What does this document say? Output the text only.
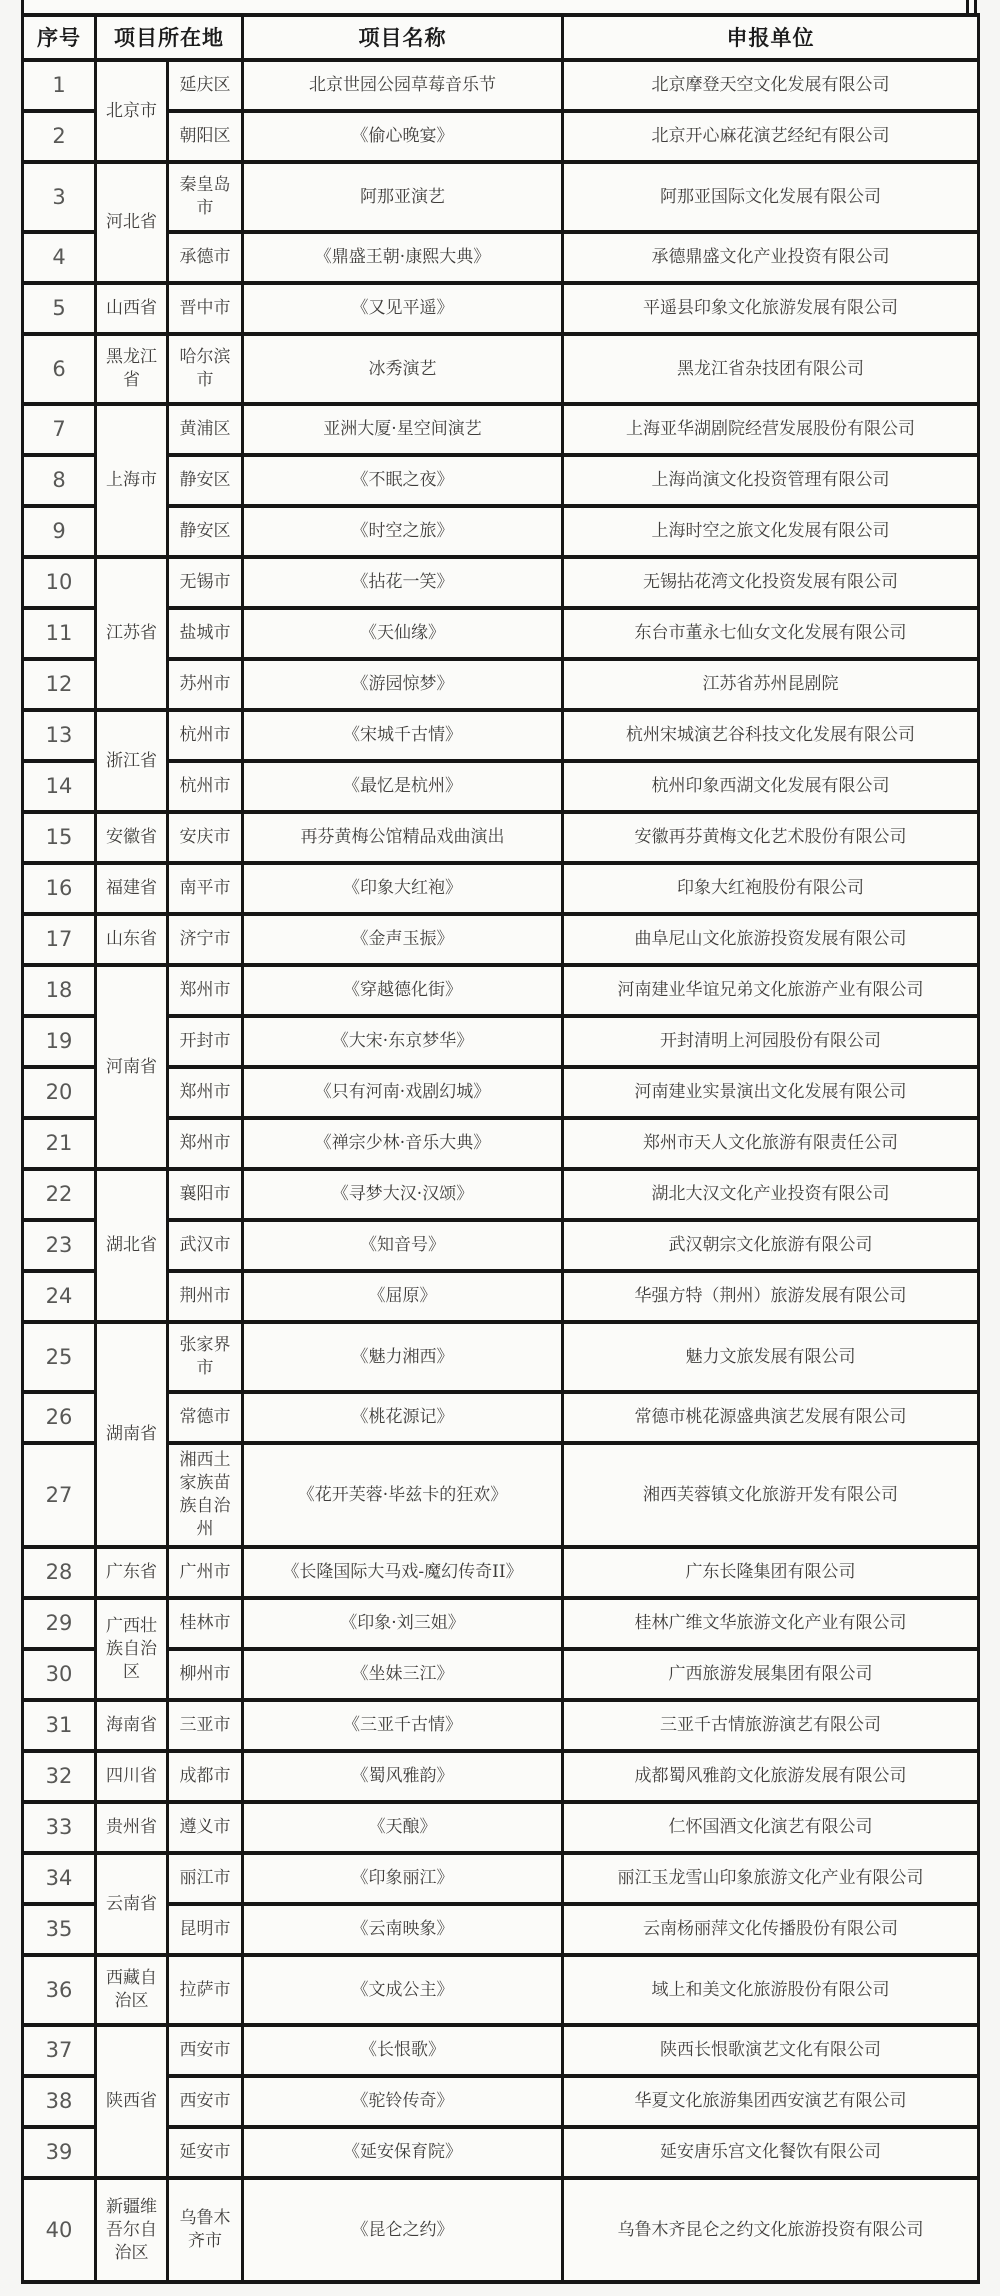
序号	项目所在地		项目名称	申报单位
1	北京市	延庆区	北京世园公园草莓音乐节	北京摩登天空文化发展有限公司
2		朝阳区	《偷心晚宴》	北京开心麻花演艺经纪有限公司
3	河北省	秦皇岛市	阿那亚演艺	阿那亚国际文化发展有限公司
4		承德市	《鼎盛王朝·康熙大典》	承德鼎盛文化产业投资有限公司
5	山西省	晋中市	《又见平遥》	平遥县印象文化旅游发展有限公司
6	黑龙江省	哈尔滨市	冰秀演艺	黑龙江省杂技团有限公司
7	上海市	黄浦区	亚洲大厦·星空间演艺	上海亚华湖剧院经营发展股份有限公司
8		静安区	《不眠之夜》	上海尚演文化投资管理有限公司
9		静安区	《时空之旅》	上海时空之旅文化发展有限公司
10	江苏省	无锡市	《拈花一笑》	无锡拈花湾文化投资发展有限公司
11		盐城市	《天仙缘》	东台市董永七仙女文化发展有限公司
12		苏州市	《游园惊梦》	江苏省苏州昆剧院
13	浙江省	杭州市	《宋城千古情》	杭州宋城演艺谷科技文化发展有限公司
14		杭州市	《最忆是杭州》	杭州印象西湖文化发展有限公司
15	安徽省	安庆市	再芬黄梅公馆精品戏曲演出	安徽再芬黄梅文化艺术股份有限公司
16	福建省	南平市	《印象大红袍》	印象大红袍股份有限公司
17	山东省	济宁市	《金声玉振》	曲阜尼山文化旅游投资发展有限公司
18	河南省	郑州市	《穿越德化街》	河南建业华谊兄弟文化旅游产业有限公司
19		开封市	《大宋·东京梦华》	开封清明上河园股份有限公司
20		郑州市	《只有河南·戏剧幻城》	河南建业实景演出文化发展有限公司
21		郑州市	《禅宗少林·音乐大典》	郑州市天人文化旅游有限责任公司
22	湖北省	襄阳市	《寻梦大汉·汉颂》	湖北大汉文化产业投资有限公司
23		武汉市	《知音号》	武汉朝宗文化旅游有限公司
24		荆州市	《屈原》	华强方特（荆州）旅游发展有限公司
25	湖南省	张家界市	《魅力湘西》	魅力文旅发展有限公司
26		常德市	《桃花源记》	常德市桃花源盛典演艺发展有限公司
27		湘西土家族苗族自治州	《花开芙蓉·毕兹卡的狂欢》	湘西芙蓉镇文化旅游开发有限公司
28	广东省	广州市	《长隆国际大马戏-魔幻传奇II》	广东长隆集团有限公司
29	广西壮族自治区	桂林市	《印象·刘三姐》	桂林广维文华旅游文化产业有限公司
30		柳州市	《坐妹三江》	广西旅游发展集团有限公司
31	海南省	三亚市	《三亚千古情》	三亚千古情旅游演艺有限公司
32	四川省	成都市	《蜀风雅韵》	成都蜀风雅韵文化旅游发展有限公司
33	贵州省	遵义市	《天酿》	仁怀国酒文化演艺有限公司
34	云南省	丽江市	《印象丽江》	丽江玉龙雪山印象旅游文化产业有限公司
35		昆明市	《云南映象》	云南杨丽萍文化传播股份有限公司
36	西藏自治区	拉萨市	《文成公主》	域上和美文化旅游股份有限公司
37	陕西省	西安市	《长恨歌》	陕西长恨歌演艺文化有限公司
38		西安市	《驼铃传奇》	华夏文化旅游集团西安演艺有限公司
39		延安市	《延安保育院》	延安唐乐宫文化餐饮有限公司
40	新疆维吾尔自治区	乌鲁木齐市	《昆仑之约》	乌鲁木齐昆仑之约文化旅游投资有限公司
